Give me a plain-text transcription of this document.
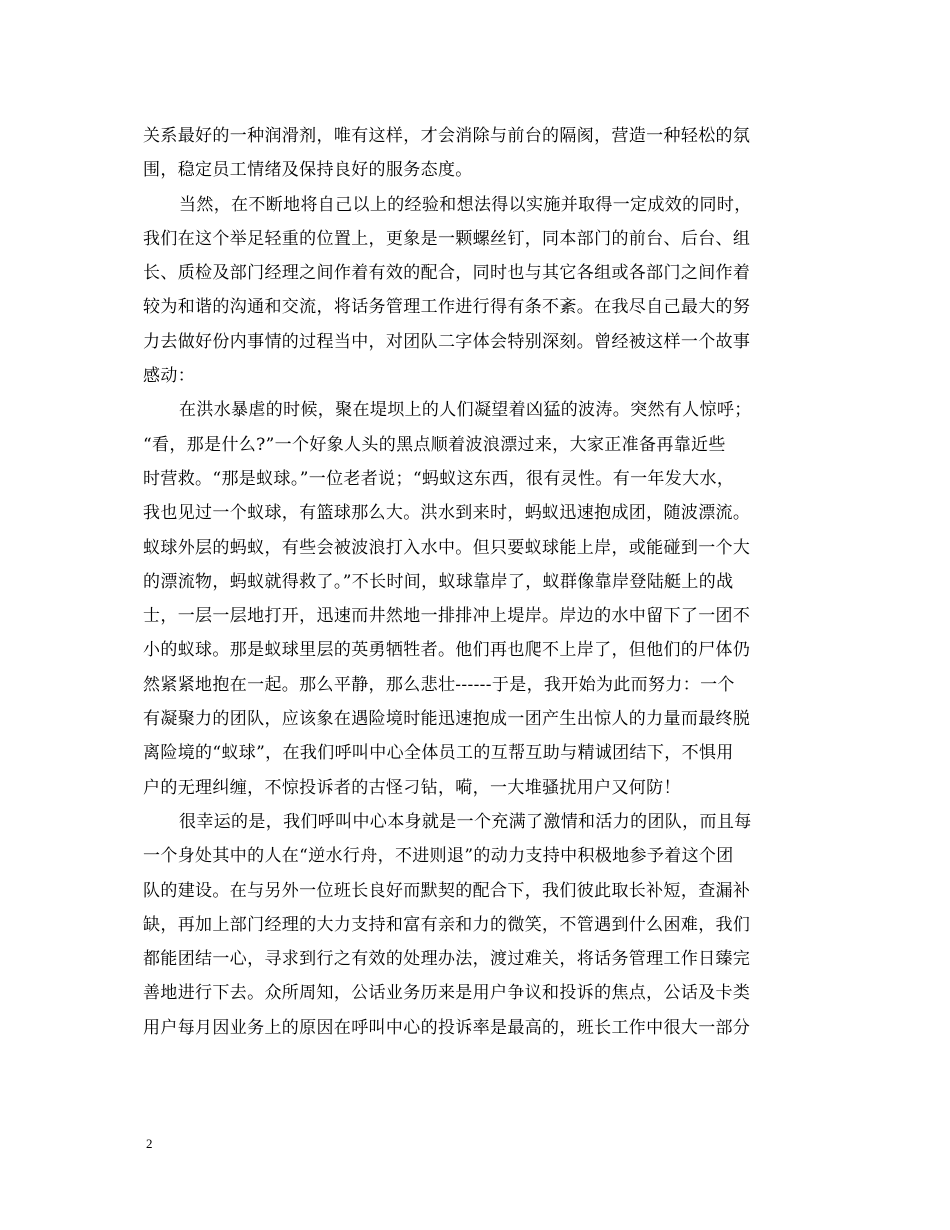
关系最好的一种润滑剂，唯有这样，才会消除与前台的隔阂，营造一种轻松的氛
围，稳定员工情绪及保持良好的服务态度。
当然，在不断地将自己以上的经验和想法得以实施并取得一定成效的同时，
我们在这个举足轻重的位置上，更象是一颗螺丝钉，同本部门的前台、后台、组
长、质检及部门经理之间作着有效的配合，同时也与其它各组或各部门之间作着
较为和谐的沟通和交流，将话务管理工作进行得有条不紊。在我尽自己最大的努
力去做好份内事情的过程当中，对团队二字体会特别深刻。曾经被这样一个故事
感动：
在洪水暴虐的时候，聚在堤坝上的人们凝望着凶猛的波涛。突然有人惊呼；
“看，那是什么?”一个好象人头的黑点顺着波浪漂过来，大家正准备再靠近些
时营救。“那是蚁球。”一位老者说；“蚂蚁这东西，很有灵性。有一年发大水，
我也见过一个蚁球，有篮球那么大。洪水到来时，蚂蚁迅速抱成团，随波漂流。
蚁球外层的蚂蚁，有些会被波浪打入水中。但只要蚁球能上岸，或能碰到一个大
的漂流物，蚂蚁就得救了。”不长时间，蚁球靠岸了，蚁群像靠岸登陆艇上的战
士，一层一层地打开，迅速而井然地一排排冲上堤岸。岸边的水中留下了一团不
小的蚁球。那是蚁球里层的英勇牺牲者。他们再也爬不上岸了，但他们的尸体仍
然紧紧地抱在一起。那么平静，那么悲壮------于是，我开始为此而努力：一个
有凝聚力的团队，应该象在遇险境时能迅速抱成一团产生出惊人的力量而最终脱
离险境的“蚁球”，在我们呼叫中心全体员工的互帮互助与精诚团结下，不惧用
户的无理纠缠，不惊投诉者的古怪刁钻，嗬，一大堆骚扰用户又何防！
很幸运的是，我们呼叫中心本身就是一个充满了激情和活力的团队，而且每
一个身处其中的人在“逆水行舟，不进则退”的动力支持中积极地参予着这个团
队的建设。在与另外一位班长良好而默契的配合下，我们彼此取长补短，查漏补
缺，再加上部门经理的大力支持和富有亲和力的微笑，不管遇到什么困难，我们
都能团结一心，寻求到行之有效的处理办法，渡过难关，将话务管理工作日臻完
善地进行下去。众所周知，公话业务历来是用户争议和投诉的焦点，公话及卡类
用户每月因业务上的原因在呼叫中心的投诉率是最高的，班长工作中很大一部分
2
